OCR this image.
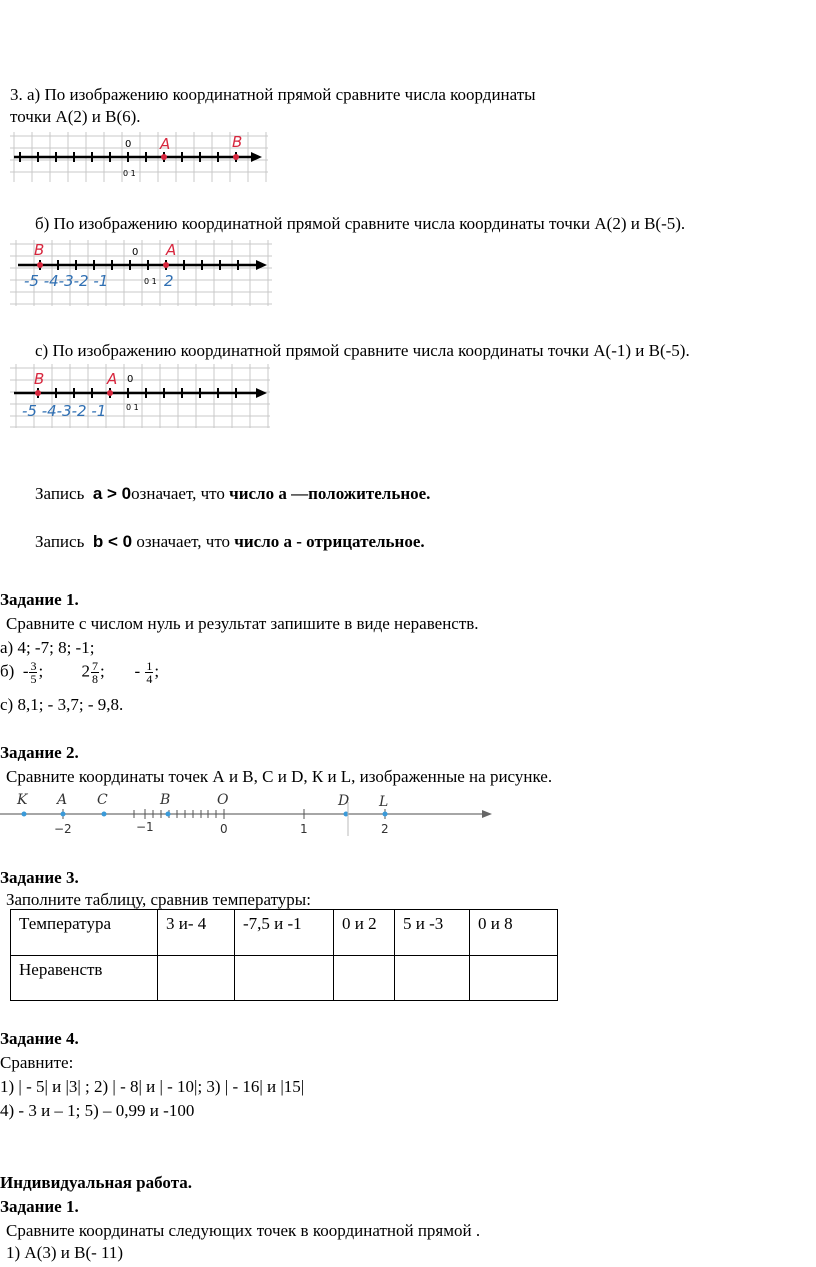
3. а) По изображению координатной прямой сравните числа координаты
точки А(2) и В(6).
0
0 1
A	B
б) По изображению координатной прямой сравните числа координаты точки А(2) и В(-5).
B	0 A
-5 -4-3-2 -1	0 1 2
с) По изображению координатной прямой сравните числа координаты точки А(-1) и В(-5).
B	A 0
-5 -4-3-2 -1 0 1
Запись a > 0означает, что число а —положительное.
Запись b < 0 означает, что число а - отрицательное.
Задание 1.
Сравните с числом нуль и результат запишите в виде неравенств.
а) 4; -7; 8; -1;
$б) - \frac{3}{5}$ ; $2 \frac{7}{8}$ ; - $\frac{1}{4}$ ;
с) 8,1; - 3,7; - 9,8.
Задание 2.
Сравните координаты точек А и В, С и D, К и L, изображенные на рисунке.
K A C	B	O	D L
−2	−1	0	1	2
Задание 3.
Заполните таблицу, сравнив температуры:
Температура	3 и- 4	-7,5 и -1	0 и 2	5 и -3	0 и 8
Неравенств					
Задание 4.
Сравните:
1) | - 5| и |3| ; 2) | - 8| и | - 10|; 3) | - 16| и |15|
4) - 3 и – 1; 5) – 0,99 и -100
Индивидуальная работа.
Задание 1.
Сравните координаты следующих точек в координатной прямой .
1) А(3) и В(- 11)
